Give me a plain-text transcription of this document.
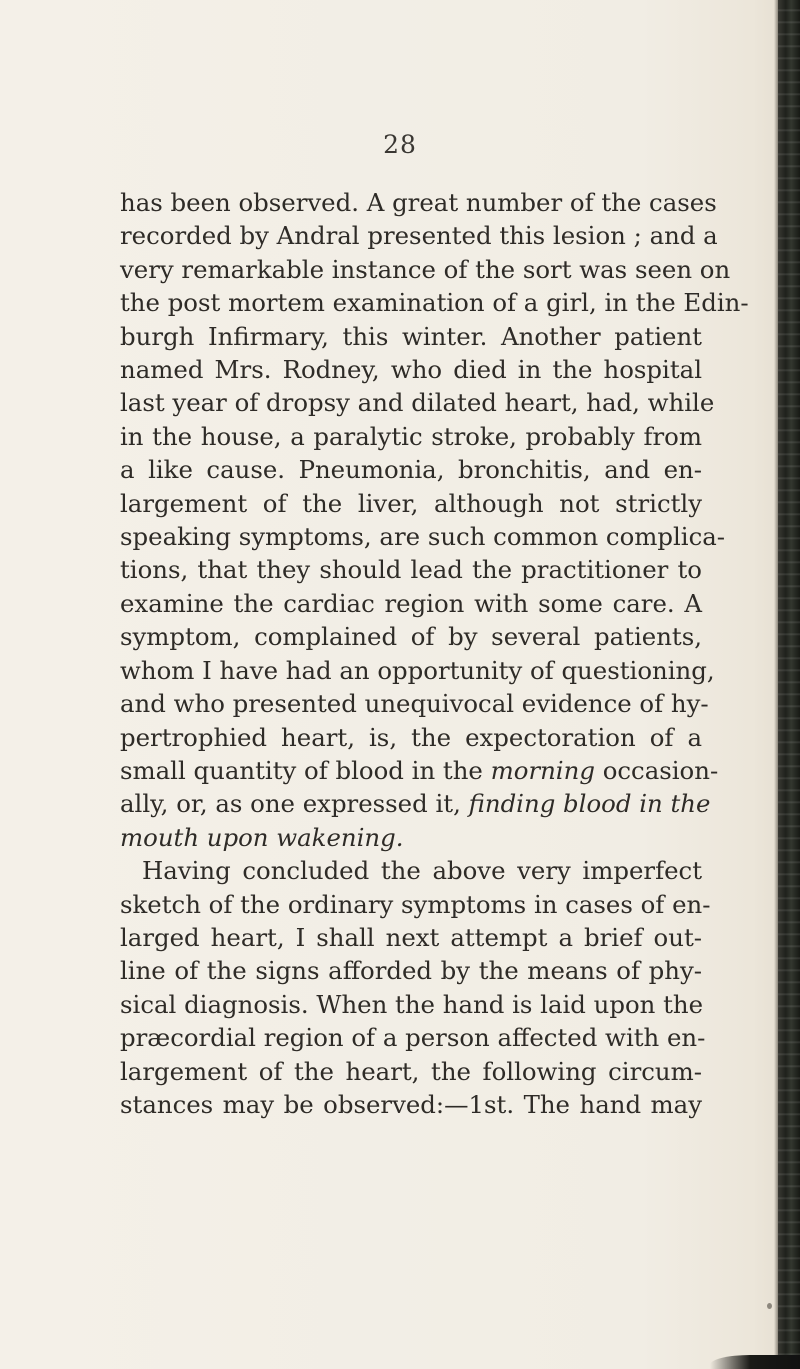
28
has been observed. A great number of the cases
recorded by Andral presented this lesion ; and a
very remarkable instance of the sort was seen on
the post mortem examination of a girl, in the Edin-
burgh Infirmary, this winter. Another patient
named Mrs. Rodney, who died in the hospital
last year of dropsy and dilated heart, had, while
in the house, a paralytic stroke, probably from
a like cause. Pneumonia, bronchitis, and en-
largement of the liver, although not strictly
speaking symptoms, are such common complica-
tions, that they should lead the practitioner to
examine the cardiac region with some care. A
symptom, complained of by several patients,
whom I have had an opportunity of questioning,
and who presented unequivocal evidence of hy-
pertrophied heart, is, the expectoration of a
small quantity of blood in the morning occasion-
ally, or, as one expressed it, finding blood in the
mouth upon wakening.
Having concluded the above very imperfect
sketch of the ordinary symptoms in cases of en-
larged heart, I shall next attempt a brief out-
line of the signs afforded by the means of phy-
sical diagnosis. When the hand is laid upon the
præcordial region of a person affected with en-
largement of the heart, the following circum-
stances may be observed:—1st. The hand may
